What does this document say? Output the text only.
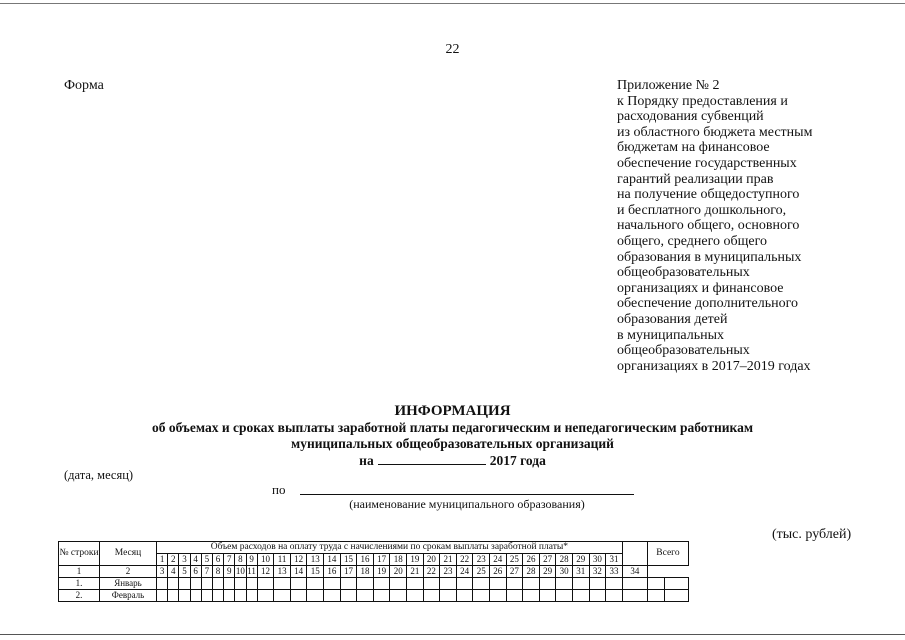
22
Форма	Приложение № 2
к Порядку предоставления и
расходования субвенций
из областного бюджета местным
бюджетам на финансовое
обеспечение государственных
гарантий реализации прав
на получение общедоступного
и бесплатного дошкольного,
начального общего, основного
общего, среднего общего
образования в муниципальных
общеобразовательных
организациях и финансовое
обеспечение дополнительного
образования детей
в муниципальных
общеобразовательных
организациях в 2017–2019 годах
ИНФОРМАЦИЯ
об объемах и сроках выплаты заработной платы педагогическим и непедагогическим работникам
муниципальных общеобразовательных организаций
на	2017 года
(дата, месяц)
по
(наименование муниципального образования)
(тыс. рублей)
№ строки	Месяц	Объем расходов на оплату труда с начислениями по срокам выплаты заработной платы*																																Всего	
		1	2	3	4	5	6	7	8	9	10	11	12	13	14	15	16	17	18	19	20	21	22	23	24	25	26	27	28	29	30	31			
1	2	3	4	5	6	7	8	9	10	11	12	13	14	15	16	17	18	19	20	21	22	23	24	25	26	27	28	29	30	31	32	33	34		
1.	Январь																																		
2.	Февраль																																		
